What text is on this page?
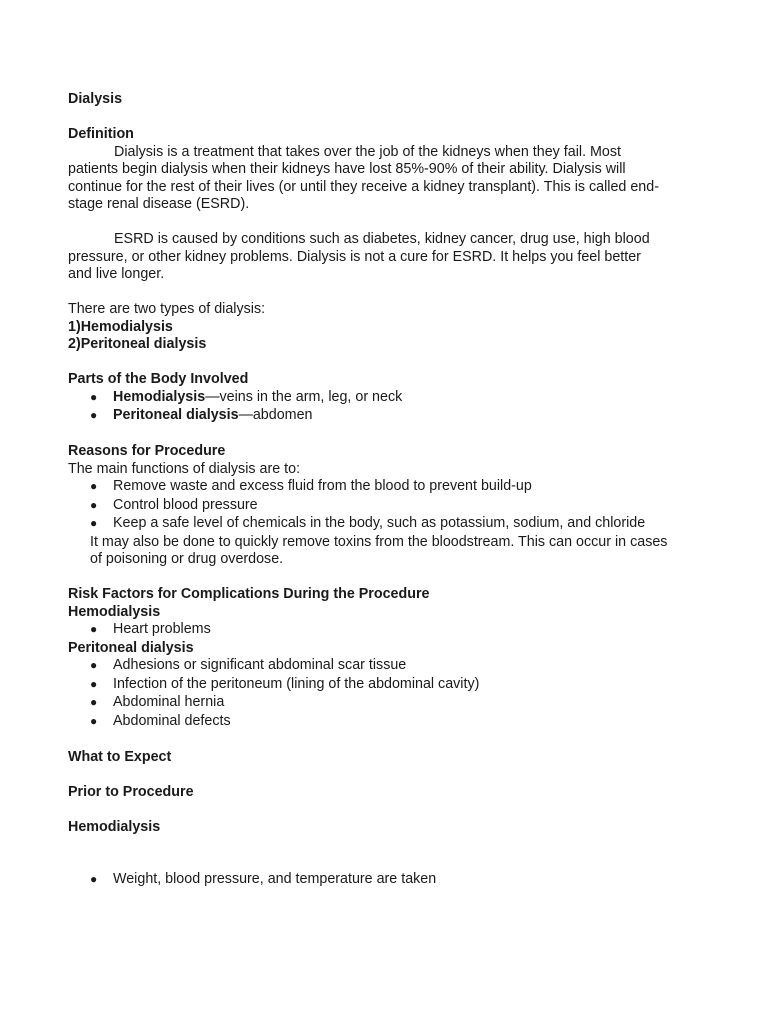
Dialysis

Definition

Dialysis is a treatment that takes over the job of the kidneys when they fail. Most patients begin dialysis when their kidneys have lost 85%-90% of their ability. Dialysis will continue for the rest of their lives (or until they receive a kidney transplant). This is called end-stage renal disease (ESRD).

ESRD is caused by conditions such as diabetes, kidney cancer, drug use, high blood pressure, or other kidney problems. Dialysis is not a cure for ESRD. It helps you feel better and live longer.

There are two types of dialysis:

1)Hemodialysis

2)Peritoneal dialysis

Parts of the Body Involved

● Hemodialysis—veins in the arm, leg, or neck
● Peritoneal dialysis—abdomen

Reasons for Procedure

The main functions of dialysis are to:

● Remove waste and excess fluid from the blood to prevent build-up
● Control blood pressure
● Keep a safe level of chemicals in the body, such as potassium, sodium, and chloride

It may also be done to quickly remove toxins from the bloodstream. This can occur in cases of poisoning or drug overdose.

Risk Factors for Complications During the Procedure

Hemodialysis

● Heart problems

Peritoneal dialysis

● Adhesions or significant abdominal scar tissue
● Infection of the peritoneum (lining of the abdominal cavity)
● Abdominal hernia
● Abdominal defects

What to Expect

Prior to Procedure

Hemodialysis

● Weight, blood pressure, and temperature are taken
